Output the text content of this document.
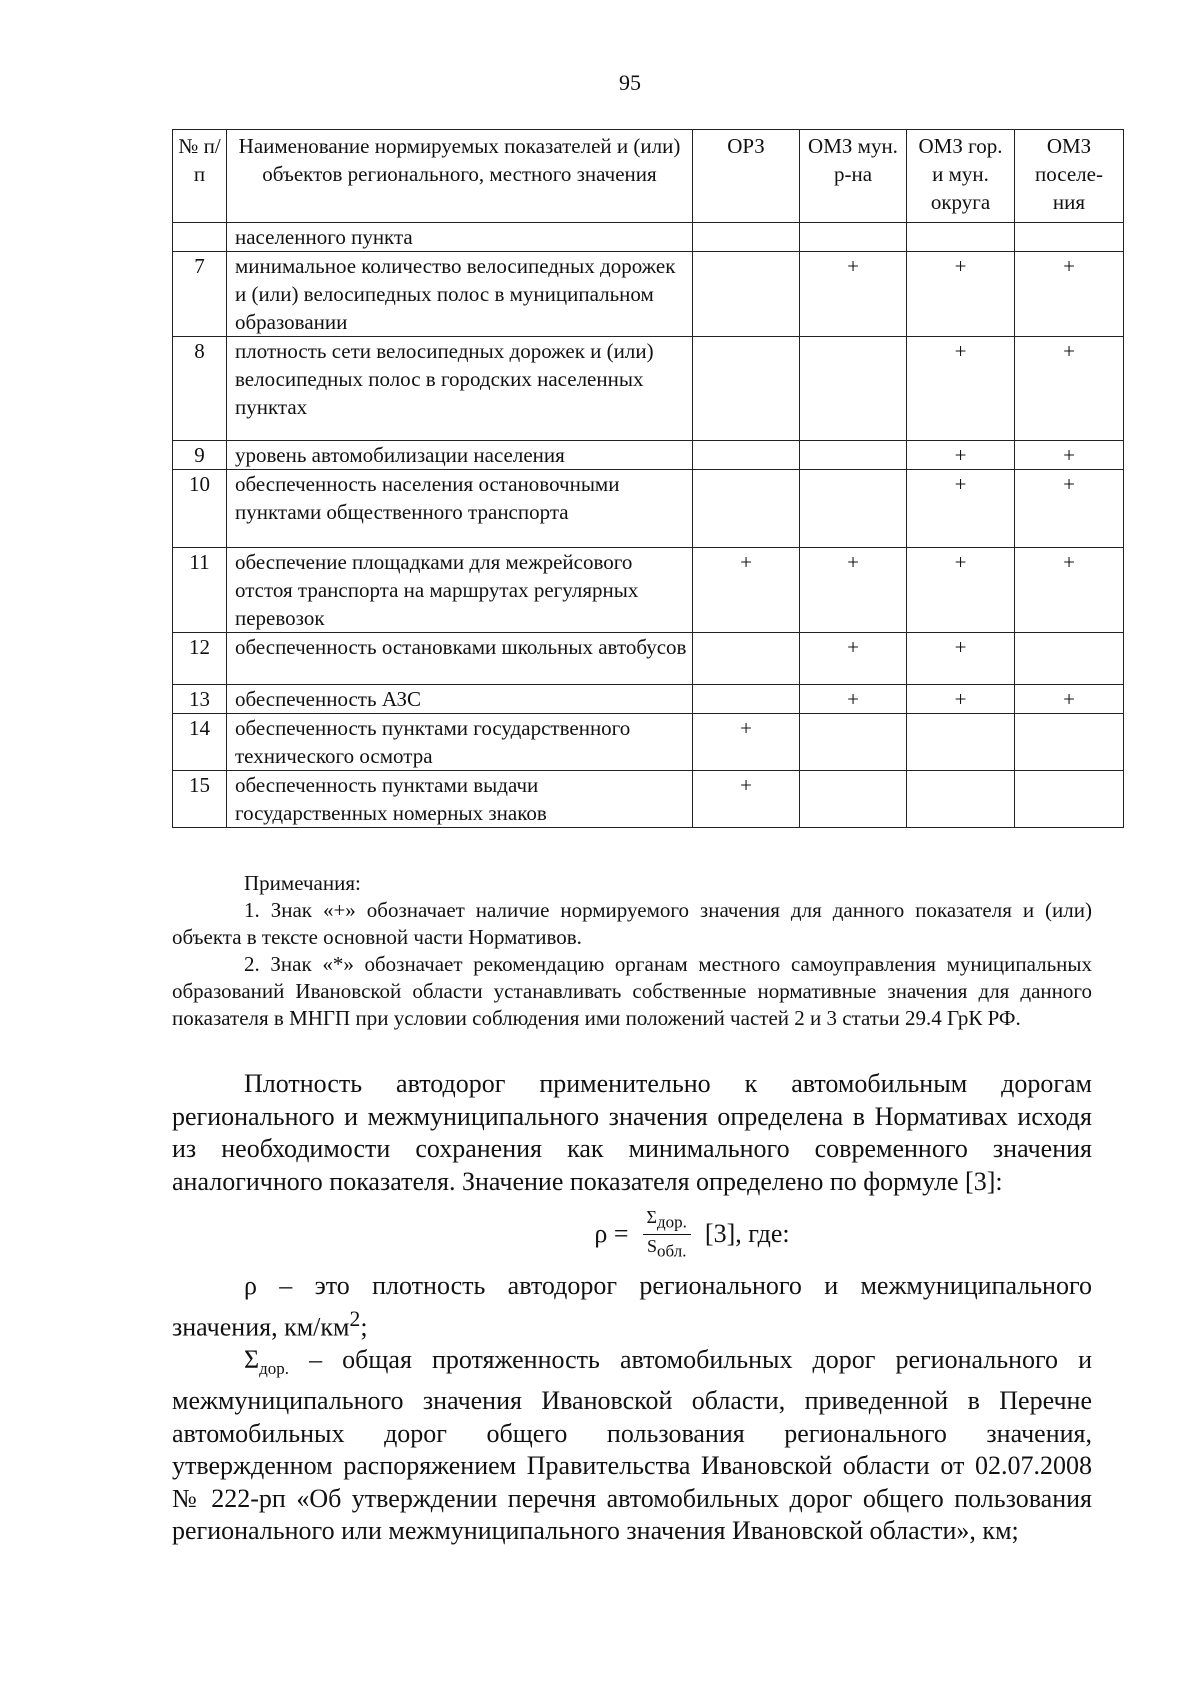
95
№ п/п	Наименование нормируемых показателей и (или) объектов регионального, местного значения	ОРЗ	ОМЗ мун. р-на	ОМЗ гор. и мун. округа	ОМЗ поселе-ния
	населенного пункта				
7	минимальное количество велосипедных дорожек и (или) велосипедных полос в муниципальном образовании		+	+	+
8	плотность сети велосипедных дорожек и (или) велосипедных полос в городских населенных пунктах			+	+
9	уровень автомобилизации населения			+	+
10	обеспеченность населения остановочными пунктами общественного транспорта			+	+
11	обеспечение площадками для межрейсового отстоя транспорта на маршрутах регулярных перевозок	+	+	+	+
12	обеспеченность остановками школьных автобусов		+	+	
13	обеспеченность АЗС		+	+	+
14	обеспеченность пунктами государственного технического осмотра	+			
15	обеспеченность пунктами выдачи государственных номерных знаков	+			

Примечания:

1. Знак «+» обозначает наличие нормируемого значения для данного показателя и (или) объекта в тексте основной части Нормативов.

2. Знак «*» обозначает рекомендацию органам местного самоуправления муниципальных образований Ивановской области устанавливать собственные нормативные значения для данного показателя в МНГП при условии соблюдения ими положений частей 2 и 3 статьи 29.4 ГрК РФ.

Плотность автодорог применительно к автомобильным дорогам регионального и межмуниципального значения определена в Нормативах исходя из необходимости сохранения как минимального современного значения аналогичного показателя. Значение показателя определено по формуле [3]:

$\rho = \frac{\Sigma_{дор.}}{S_{обл.}} [3]$, где:

ρ – это плотность автодорог регионального и межмуниципального значения, $км/км^2$;

$\Sigma_{дор.}$ – общая протяженность автомобильных дорог регионального и межмуниципального значения Ивановской области, приведенной в Перечне автомобильных дорог общего пользования регионального значения, утвержденном распоряжением Правительства Ивановской области от 02.07.2008 № 222-рп «Об утверждении перечня автомобильных дорог общего пользования регионального или межмуниципального значения Ивановской области», км;
